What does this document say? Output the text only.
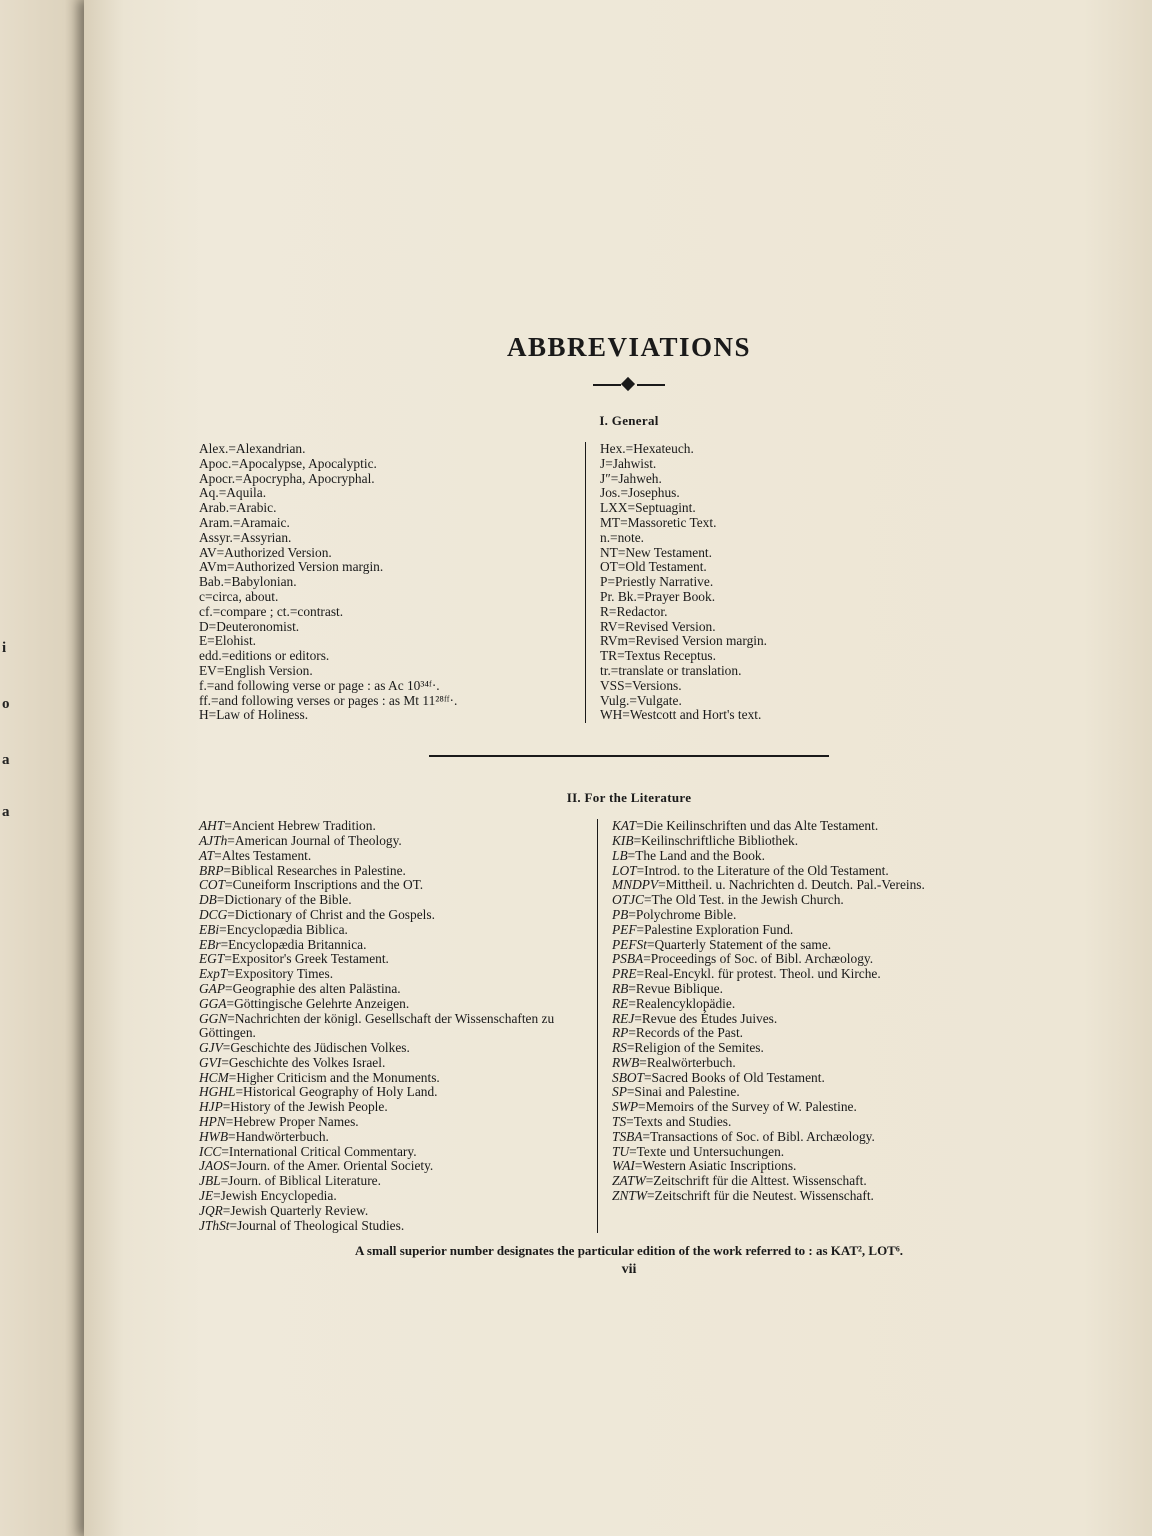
i
o
a
a
ABBREVIATIONS
I. General
Alex.=Alexandrian.
Apoc.=Apocalypse, Apocalyptic.
Apocr.=Apocrypha, Apocryphal.
Aq.=Aquila.
Arab.=Arabic.
Aram.=Aramaic.
Assyr.=Assyrian.
AV=Authorized Version.
AVm=Authorized Version margin.
Bab.=Babylonian.
c=circa, about.
cf.=compare ; ct.=contrast.
D=Deuteronomist.
E=Elohist.
edd.=editions or editors.
EV=English Version.
f.=and following verse or page : as Ac 10³⁴ᶠ·.
ff.=and following verses or pages : as Mt 11²⁸ᶠᶠ·.
H=Law of Holiness.
Hex.=Hexateuch.
J=Jahwist.
J″=Jahweh.
Jos.=Josephus.
LXX=Septuagint.
MT=Massoretic Text.
n.=note.
NT=New Testament.
OT=Old Testament.
P=Priestly Narrative.
Pr. Bk.=Prayer Book.
R=Redactor.
RV=Revised Version.
RVm=Revised Version margin.
TR=Textus Receptus.
tr.=translate or translation.
VSS=Versions.
Vulg.=Vulgate.
WH=Westcott and Hort's text.
II. For the Literature
AHT=Ancient Hebrew Tradition.
AJTh=American Journal of Theology.
AT=Altes Testament.
BRP=Biblical Researches in Palestine.
COT=Cuneiform Inscriptions and the OT.
DB=Dictionary of the Bible.
DCG=Dictionary of Christ and the Gospels.
EBi=Encyclopædia Biblica.
EBr=Encyclopædia Britannica.
EGT=Expositor's Greek Testament.
ExpT=Expository Times.
GAP=Geographie des alten Palästina.
GGA=Göttingische Gelehrte Anzeigen.
GGN=Nachrichten der königl. Gesellschaft der Wissenschaften zu Göttingen.
GJV=Geschichte des Jüdischen Volkes.
GVI=Geschichte des Volkes Israel.
HCM=Higher Criticism and the Monuments.
HGHL=Historical Geography of Holy Land.
HJP=History of the Jewish People.
HPN=Hebrew Proper Names.
HWB=Handwörterbuch.
ICC=International Critical Commentary.
JAOS=Journ. of the Amer. Oriental Society.
JBL=Journ. of Biblical Literature.
JE=Jewish Encyclopedia.
JQR=Jewish Quarterly Review.
JThSt=Journal of Theological Studies.
KAT=Die Keilinschriften und das Alte Testament.
KIB=Keilinschriftliche Bibliothek.
LB=The Land and the Book.
LOT=Introd. to the Literature of the Old Testament.
MNDPV=Mittheil. u. Nachrichten d. Deutch. Pal.-Vereins.
OTJC=The Old Test. in the Jewish Church.
PB=Polychrome Bible.
PEF=Palestine Exploration Fund.
PEFSt=Quarterly Statement of the same.
PSBA=Proceedings of Soc. of Bibl. Archæology.
PRE=Real-Encykl. für protest. Theol. und Kirche.
RB=Revue Biblique.
RE=Realencyklopädie.
REJ=Revue des Études Juives.
RP=Records of the Past.
RS=Religion of the Semites.
RWB=Realwörterbuch.
SBOT=Sacred Books of Old Testament.
SP=Sinai and Palestine.
SWP=Memoirs of the Survey of W. Palestine.
TS=Texts and Studies.
TSBA=Transactions of Soc. of Bibl. Archæology.
TU=Texte und Untersuchungen.
WAI=Western Asiatic Inscriptions.
ZATW=Zeitschrift für die Alttest. Wissenschaft.
ZNTW=Zeitschrift für die Neutest. Wissenschaft.
A small superior number designates the particular edition of the work referred to : as KAT², LOT⁶.
vii
